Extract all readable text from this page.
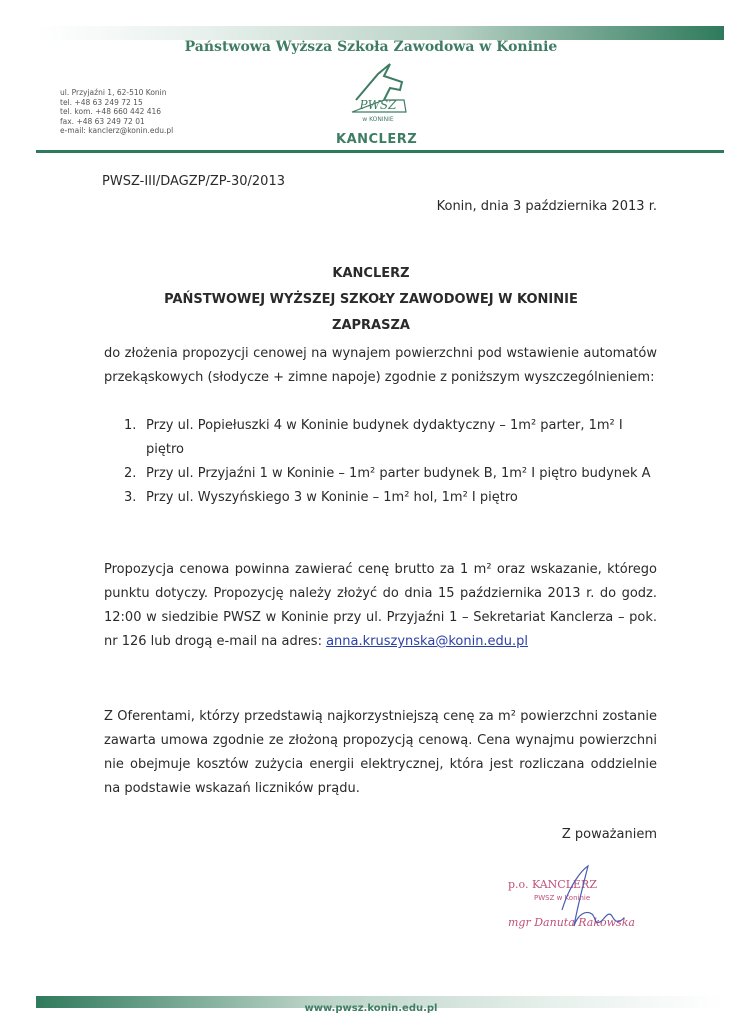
Państwowa Wyższa Szkoła Zawodowa w Koninie
ul. Przyjaźni 1, 62-510 Konin
tel. +48 63 249 72 15
tel. kom. +48 660 442 416
fax. +48 63 249 72 01
e-mail: kanclerz@konin.edu.pl
PWSZ
w KONINIE
KANCLERZ
PWSZ-III/DAGZP/ZP-30/2013
Konin, dnia 3 października 2013 r.
KANCLERZ
PAŃSTWOWEJ WYŻSZEJ SZKOŁY ZAWODOWEJ W KONINIE
ZAPRASZA
do złożenia propozycji cenowej na wynajem powierzchni pod wstawienie automatów przekąskowych (słodycze + zimne napoje) zgodnie z poniższym wyszczególnieniem:
1. Przy ul. Popiełuszki 4 w Koninie budynek dydaktyczny – 1m² parter, 1m² I piętro
2. Przy ul. Przyjaźni 1 w Koninie – 1m² parter budynek B, 1m² I piętro budynek A
3. Przy ul. Wyszyńskiego 3 w Koninie – 1m² hol, 1m² I piętro
Propozycja cenowa powinna zawierać cenę brutto za 1 m² oraz wskazanie, którego punktu dotyczy. Propozycję należy złożyć do dnia 15 października 2013 r. do godz. 12:00 w siedzibie PWSZ w Koninie przy ul. Przyjaźni 1 – Sekretariat Kanclerza – pok. nr 126 lub drogą e-mail na adres: anna.kruszynska@konin.edu.pl
Z Oferentami, którzy przedstawią najkorzystniejszą cenę za m² powierzchni zostanie zawarta umowa zgodnie ze złożoną propozycją cenową. Cena wynajmu powierzchni nie obejmuje kosztów zużycia energii elektrycznej, która jest rozliczana oddzielnie na podstawie wskazań liczników prądu.
Z poważaniem
p.o. KANCLERZ
PWSZ w Koninie
mgr Danuta Rakowska
www.pwsz.konin.edu.pl
